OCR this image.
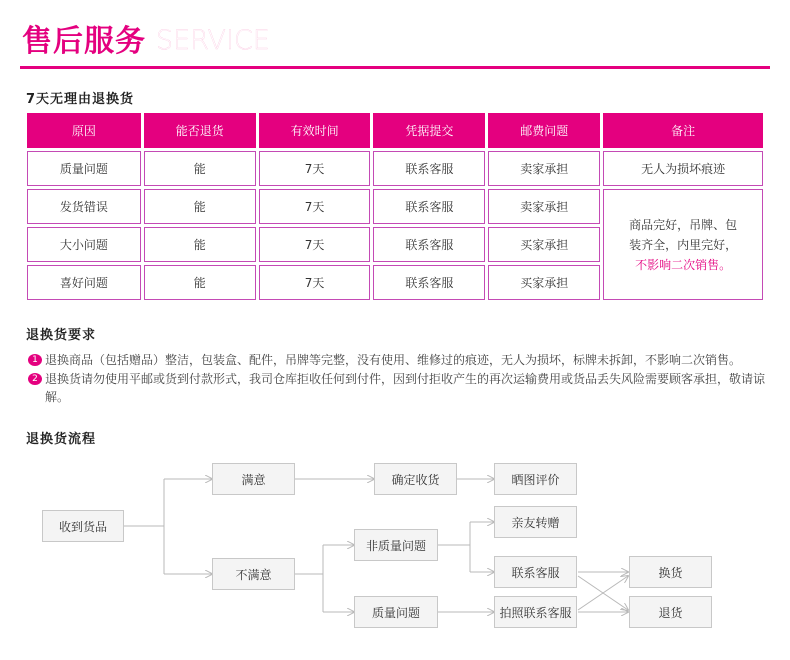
售后服务 SERVICE
7天无理由退换货
原因	能否退货	有效时间	凭据提交	邮费问题	备注
质量问题	能	7天	联系客服	卖家承担	无人为损坏痕迹
发货错误	能	7天	联系客服	卖家承担	商品完好，吊牌、包装齐全，内里完好，不影响二次销售。
大小问题	能	7天	联系客服	买家承担	
喜好问题	能	7天	联系客服	买家承担	
退换货要求
1 退换商品（包括赠品）整洁，包装盒、配件，吊牌等完整，没有使用、维修过的痕迹，无人为损坏，标牌未拆卸，不影响二次销售。
2 退换货请勿使用平邮或货到付款形式，我司仓库拒收任何到付件，因到付拒收产生的再次运输费用或货品丢失风险需要顾客承担，敬请谅解。
退换货流程
收到货品
满意	确定收货	晒图评价
不满意
非质量问题
质量问题
亲友转赠
联系客服
拍照联系客服
换货
退货
